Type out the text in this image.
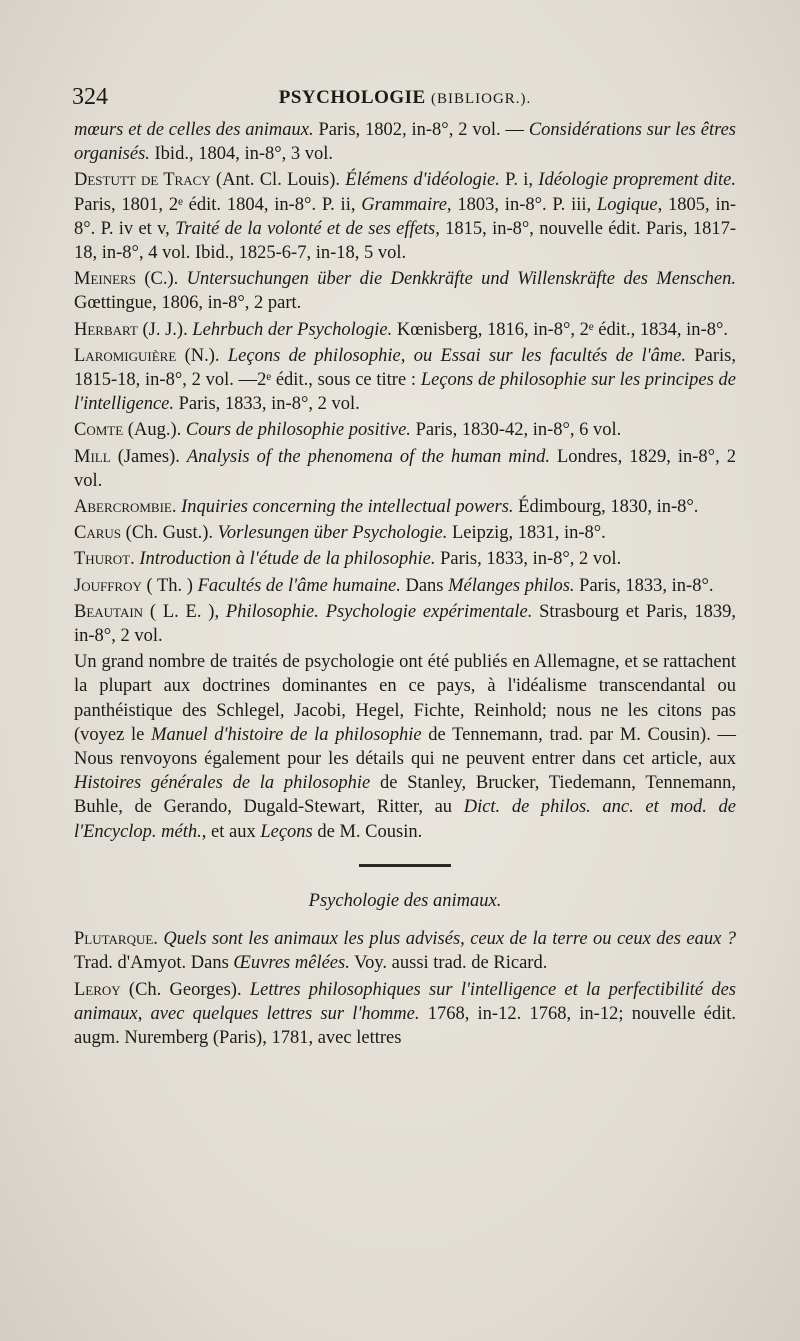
324	PSYCHOLOGIE (BIBLIOGR.).

mœurs et de celles des animaux. Paris, 1802, in-8°, 2 vol. — Considérations sur les êtres organisés. Ibid., 1804, in-8°, 3 vol.

Destutt de Tracy (Ant. Cl. Louis). Élémens d'idéologie. P. i, Idéologie proprement dite. Paris, 1801, 2ᵉ édit. 1804, in-8°. P. ii, Grammaire, 1803, in-8°. P. iii, Logique, 1805, in-8°. P. iv et v, Traité de la volonté et de ses effets, 1815, in-8°, nouvelle édit. Paris, 1817-18, in-8°, 4 vol. Ibid., 1825-6-7, in-18, 5 vol.

Meiners (C.). Untersuchungen über die Denkkräfte und Willenskräfte des Menschen. Gœttingue, 1806, in-8°, 2 part.

Herbart (J. J.). Lehrbuch der Psychologie. Kœnisberg, 1816, in-8°, 2ᵉ édit., 1834, in-8°.

Laromiguière (N.). Leçons de philosophie, ou Essai sur les facultés de l'âme. Paris, 1815-18, in-8°, 2 vol. —2ᵉ édit., sous ce titre : Leçons de philosophie sur les principes de l'intelligence. Paris, 1833, in-8°, 2 vol.

Comte (Aug.). Cours de philosophie positive. Paris, 1830-42, in-8°, 6 vol.

Mill (James). Analysis of the phenomena of the human mind. Londres, 1829, in-8°, 2 vol.

Abercrombie. Inquiries concerning the intellectual powers. Édimbourg, 1830, in-8°.

Carus (Ch. Gust.). Vorlesungen über Psychologie. Leipzig, 1831, in-8°.

Thurot. Introduction à l'étude de la philosophie. Paris, 1833, in-8°, 2 vol.

Jouffroy ( Th. ) Facultés de l'âme humaine. Dans Mélanges philos. Paris, 1833, in-8°.

Beautain ( L. E. ), Philosophie. Psychologie expérimentale. Strasbourg et Paris, 1839, in-8°, 2 vol.

Un grand nombre de traités de psychologie ont été publiés en Allemagne, et se rattachent la plupart aux doctrines dominantes en ce pays, à l'idéalisme transcendantal ou panthéistique des Schlegel, Jacobi, Hegel, Fichte, Reinhold; nous ne les citons pas (voyez le Manuel d'histoire de la philosophie de Tennemann, trad. par M. Cousin). — Nous renvoyons également pour les détails qui ne peuvent entrer dans cet article, aux Histoires générales de la philosophie de Stanley, Brucker, Tiedemann, Tennemann, Buhle, de Gerando, Dugald-Stewart, Ritter, au Dict. de philos. anc. et mod. de l'Encyclop. méth., et aux Leçons de M. Cousin.

Psychologie des animaux.

Plutarque. Quels sont les animaux les plus advisés, ceux de la terre ou ceux des eaux ? Trad. d'Amyot. Dans Œuvres mêlées. Voy. aussi trad. de Ricard.

Leroy (Ch. Georges). Lettres philosophiques sur l'intelligence et la perfectibilité des animaux, avec quelques lettres sur l'homme. 1768, in-12. 1768, in-12; nouvelle édit. augm. Nuremberg (Paris), 1781, avec lettres
